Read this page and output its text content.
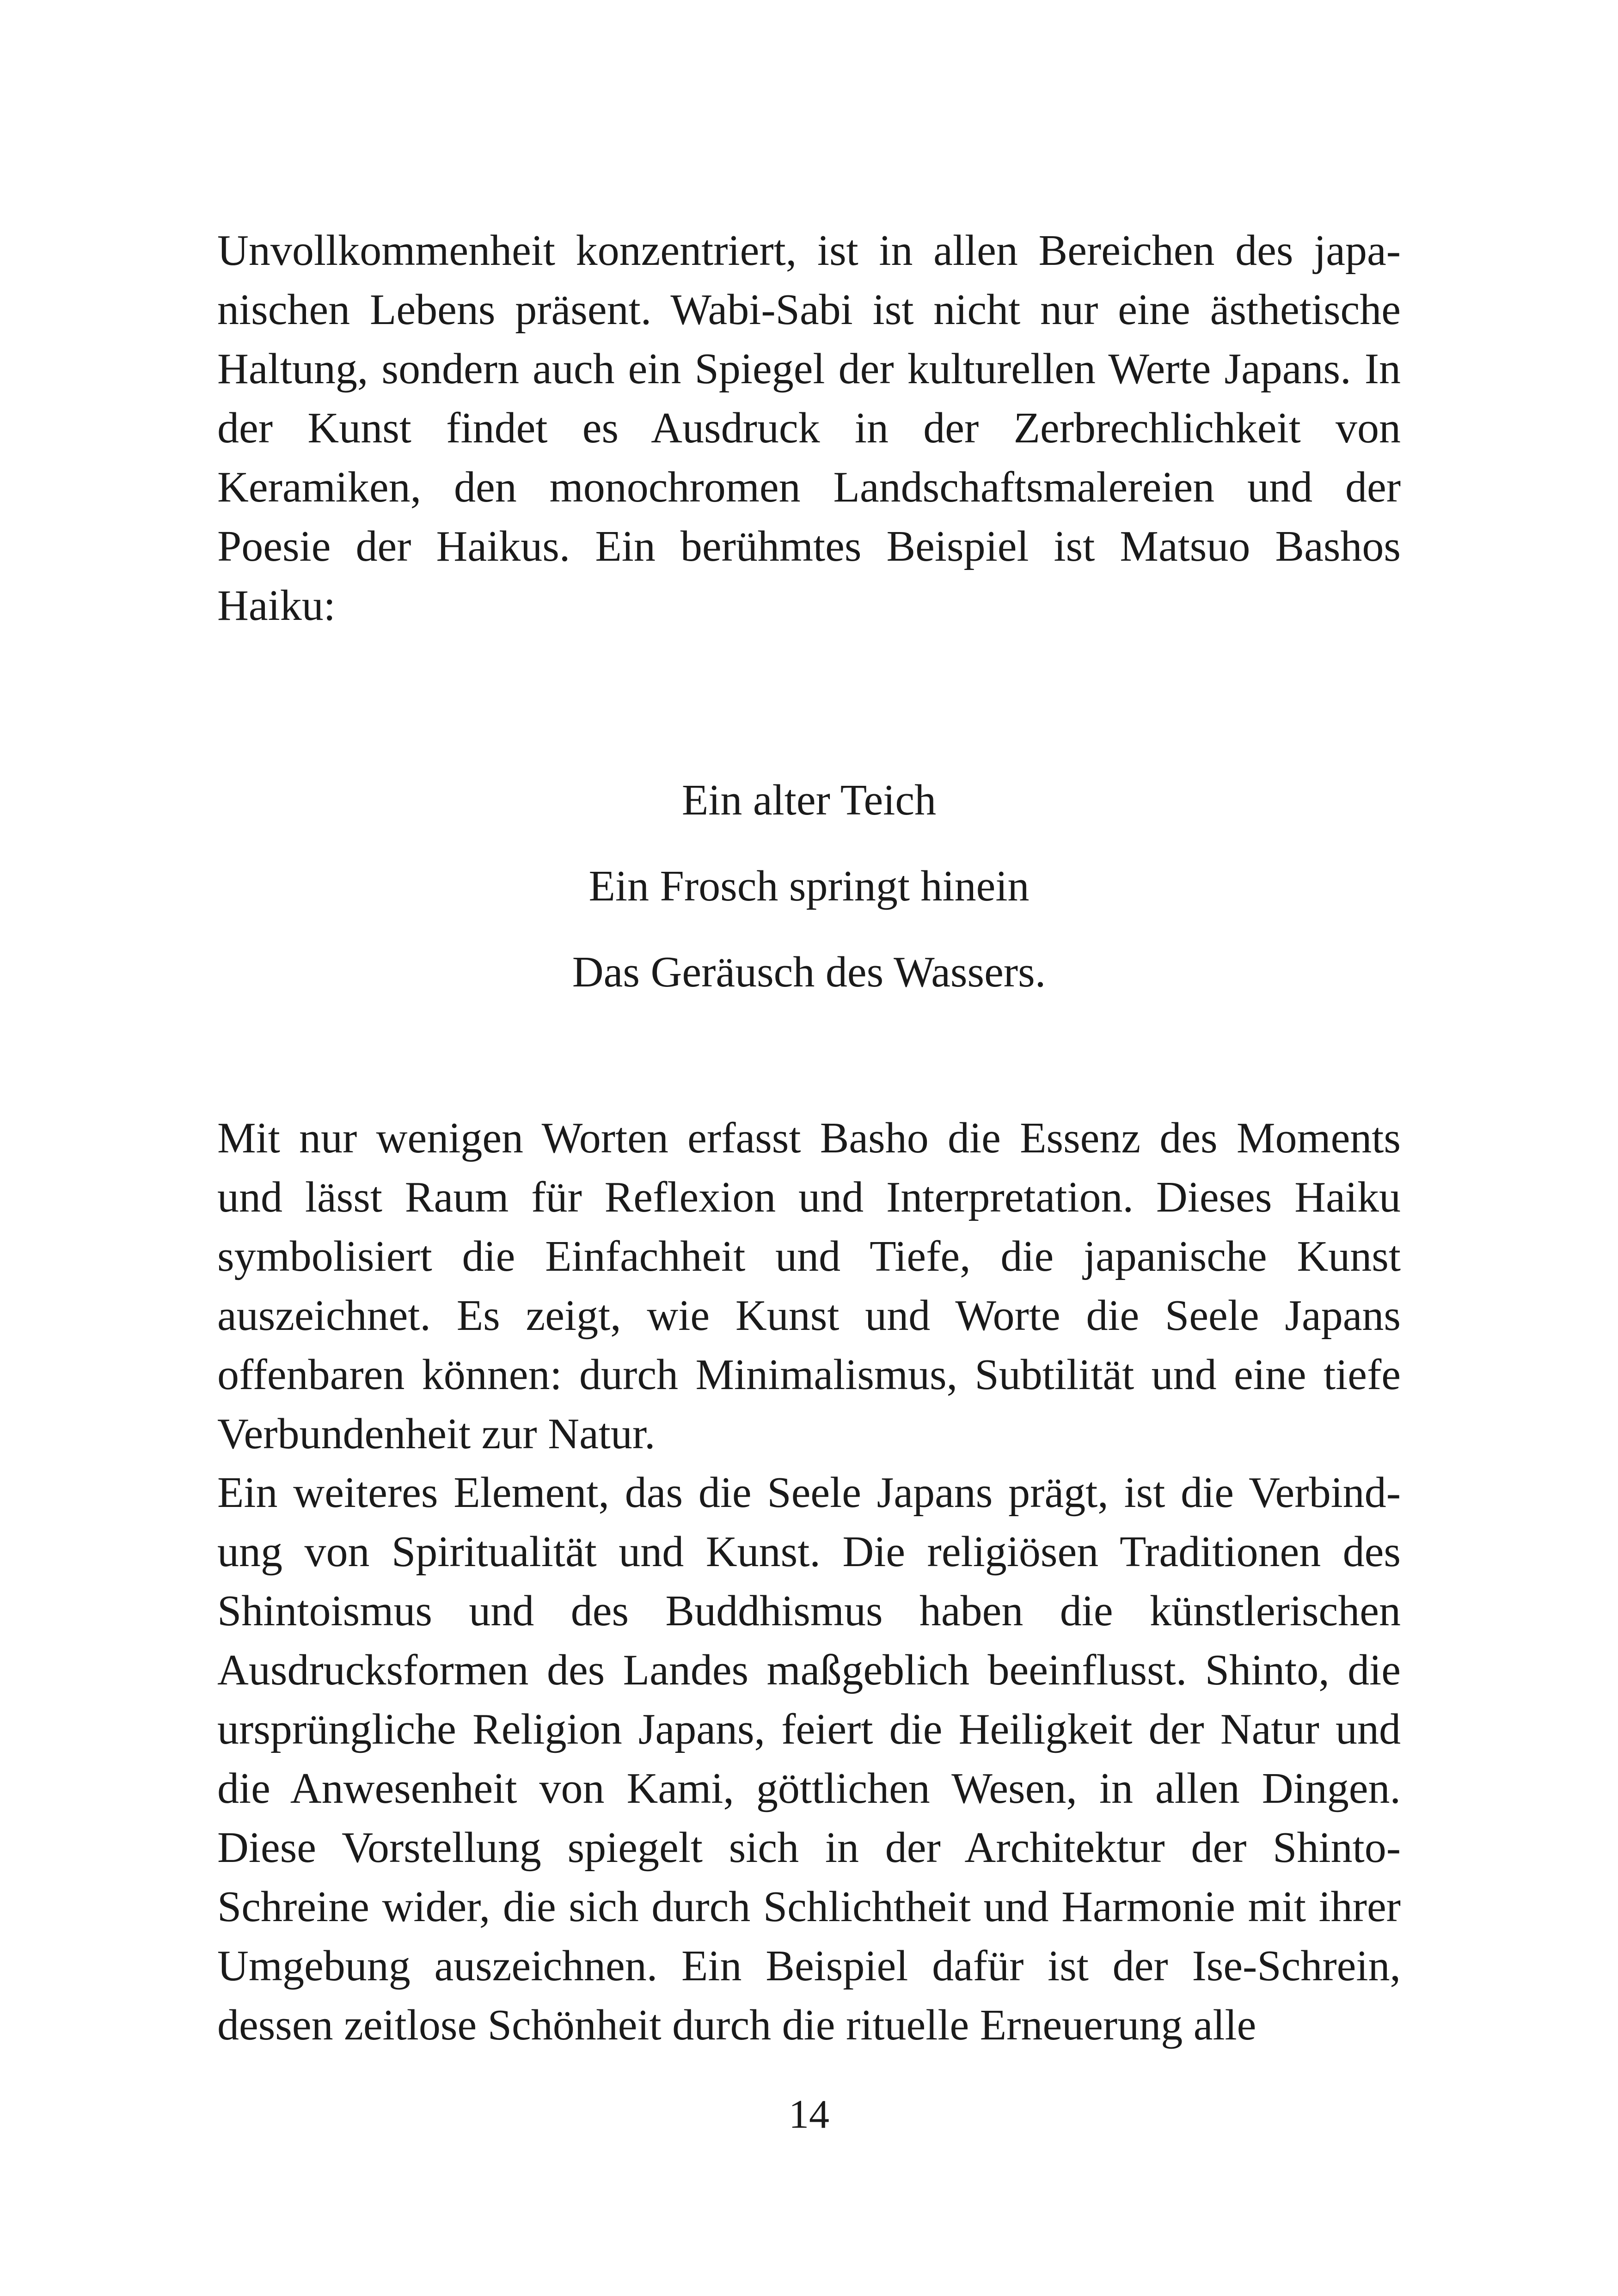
Unvollkommenheit konzentriert, ist in allen Bereichen des japanischen Lebens präsent. Wabi-Sabi ist nicht nur eine ästhetische Haltung, sondern auch ein Spiegel der kulturellen Werte Japans. In der Kunst findet es Ausdruck in der Zerbrechlichkeit von Keramiken, den monochromen Landschaftsmalereien und der Poesie der Haikus. Ein berühmtes Beispiel ist Matsuo Bashos Haiku:

Ein alter Teich
Ein Frosch springt hinein
Das Geräusch des Wassers.

Mit nur wenigen Worten erfasst Basho die Essenz des Moments und lässt Raum für Reflexion und Interpretation. Dieses Haiku symbolisiert die Einfachheit und Tiefe, die japanische Kunst auszeichnet. Es zeigt, wie Kunst und Worte die Seele Japans offenbaren können: durch Minimalismus, Subtilität und eine tiefe Verbundenheit zur Natur.

Ein weiteres Element, das die Seele Japans prägt, ist die Verbindung von Spiritualität und Kunst. Die religiösen Traditionen des Shintoismus und des Buddhismus haben die künstlerischen Ausdrucksformen des Landes maßgeblich beeinflusst. Shinto, die ursprüngliche Religion Japans, feiert die Heiligkeit der Natur und die Anwesenheit von Kami, göttlichen Wesen, in allen Dingen. Diese Vorstellung spiegelt sich in der Architektur der Shinto-Schreine wider, die sich durch Schlichtheit und Harmonie mit ihrer Umgebung auszeichnen. Ein Beispiel dafür ist der Ise-Schrein, dessen zeitlose Schönheit durch die rituelle Erneuerung alle

14
